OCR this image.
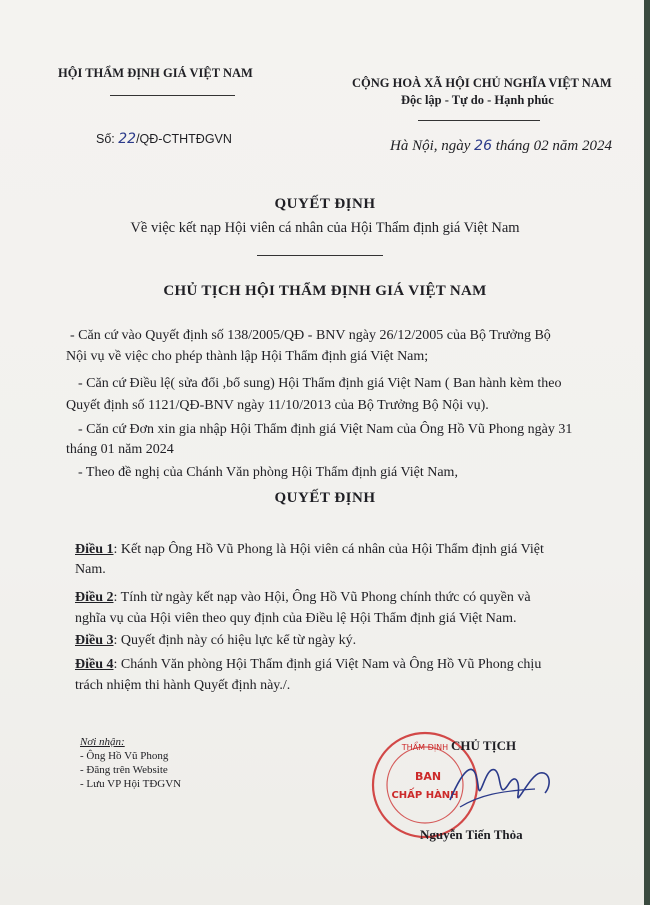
HỘI THẨM ĐỊNH GIÁ VIỆT NAM
CỘNG HOÀ XÃ HỘI CHỦ NGHĨA VIỆT NAM
Độc lập - Tự do - Hạnh phúc
Số: 22/QĐ-CTHTĐGVN	Hà Nội, ngày 26 tháng 02 năm 2024
QUYẾT ĐỊNH
Về việc kết nạp Hội viên cá nhân của Hội Thẩm định giá Việt Nam
CHỦ TỊCH HỘI THẨM ĐỊNH GIÁ VIỆT NAM
- Căn cứ vào Quyết định số 138/2005/QĐ - BNV ngày 26/12/2005 của Bộ Trưởng Bộ
Nội vụ về việc cho phép thành lập Hội Thẩm định giá Việt Nam;
- Căn cứ Điều lệ( sửa đổi ,bổ sung) Hội Thẩm định giá Việt Nam ( Ban hành kèm theo
Quyết định số 1121/QĐ-BNV ngày 11/10/2013 của Bộ Trưởng Bộ Nội vụ).
- Căn cứ Đơn xin gia nhập Hội Thẩm định giá Việt Nam của Ông Hồ Vũ Phong ngày 31
tháng 01 năm 2024
- Theo đề nghị của Chánh Văn phòng Hội Thẩm định giá Việt Nam,
QUYẾT ĐỊNH
Điều 1: Kết nạp Ông Hồ Vũ Phong là Hội viên cá nhân của Hội Thẩm định giá Việt
Nam.
Điều 2: Tính từ ngày kết nạp vào Hội, Ông Hồ Vũ Phong chính thức có quyền và
nghĩa vụ của Hội viên theo quy định của Điều lệ Hội Thẩm định giá Việt Nam.
Điều 3: Quyết định này có hiệu lực kể từ ngày ký.
Điều 4: Chánh Văn phòng Hội Thẩm định giá Việt Nam và Ông Hồ Vũ Phong chịu
trách nhiệm thi hành Quyết định này./.
Nơi nhận:
- Ông Hồ Vũ Phong
- Đăng trên Website
- Lưu VP Hội TĐGVN
THẨM ĐỊNH
BAN
CHẤP HÀNH
CHỦ TỊCH
Nguyễn Tiến Thỏa
